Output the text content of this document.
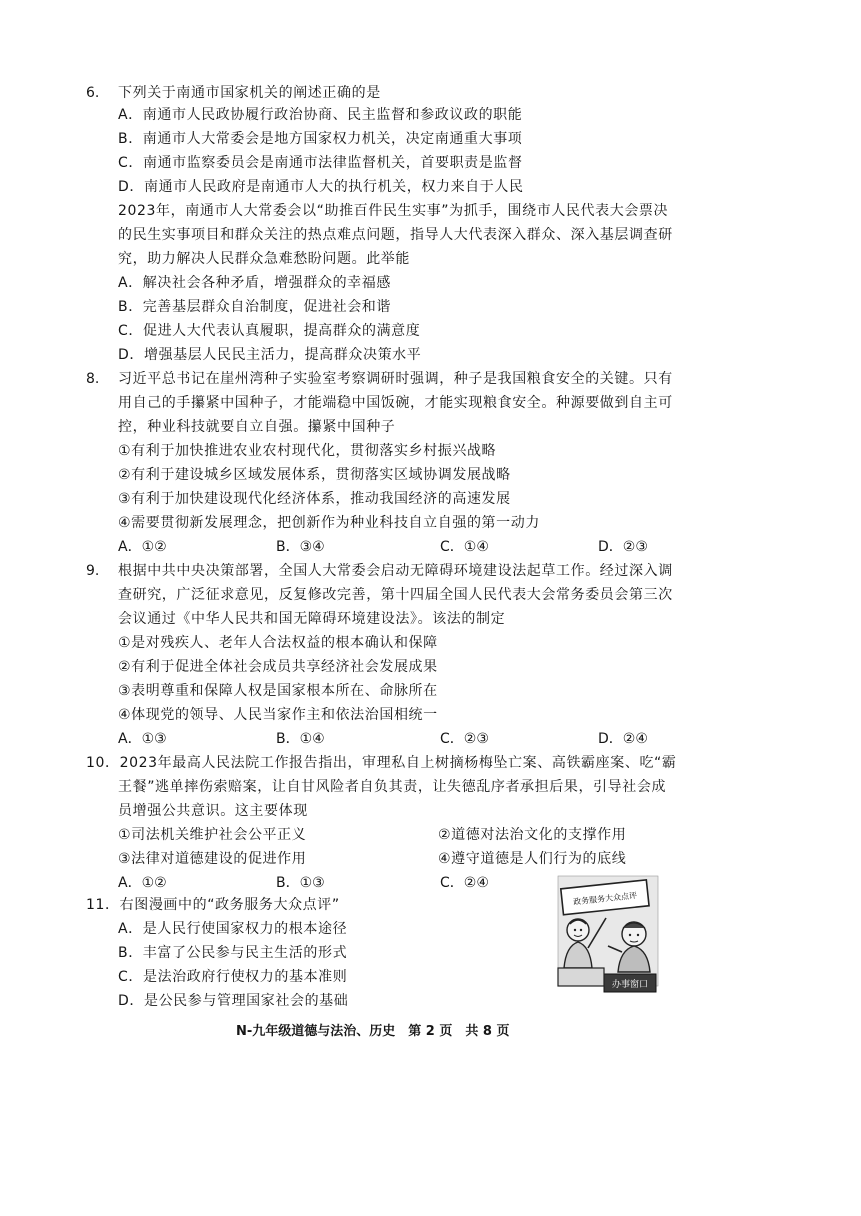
6. 下列关于南通市国家机关的阐述正确的是
A．南通市人民政协履行政治协商、民主监督和参政议政的职能
B．南通市人大常委会是地方国家权力机关，决定南通重大事项
C．南通市监察委员会是南通市法律监督机关，首要职责是监督
D．南通市人民政府是南通市人大的执行机关，权力来自于人民
2023年，南通市人大常委会以“助推百件民生实事”为抓手，围绕市人民代表大会票决
的民生实事项目和群众关注的热点难点问题，指导人大代表深入群众、深入基层调查研
究，助力解决人民群众急难愁盼问题。此举能
A．解决社会各种矛盾，增强群众的幸福感
B．完善基层群众自治制度，促进社会和谐
C．促进人大代表认真履职，提高群众的满意度
D．增强基层人民民主活力，提高群众决策水平
8. 习近平总书记在崖州湾种子实验室考察调研时强调，种子是我国粮食安全的关键。只有
用自己的手攥紧中国种子，才能端稳中国饭碗，才能实现粮食安全。种源要做到自主可
控，种业科技就要自立自强。攥紧中国种子
①有利于加快推进农业农村现代化，贯彻落实乡村振兴战略
②有利于建设城乡区域发展体系，贯彻落实区域协调发展战略
③有利于加快建设现代化经济体系，推动我国经济的高速发展
④需要贯彻新发展理念，把创新作为种业科技自立自强的第一动力
A．①②	B．③④	C．①④	D．②③
9. 根据中共中央决策部署，全国人大常委会启动无障碍环境建设法起草工作。经过深入调
查研究，广泛征求意见，反复修改完善，第十四届全国人民代表大会常务委员会第三次
会议通过《中华人民共和国无障碍环境建设法》。该法的制定
①是对残疾人、老年人合法权益的根本确认和保障
②有利于促进全体社会成员共享经济社会发展成果
③表明尊重和保障人权是国家根本所在、命脉所在
④体现党的领导、人民当家作主和依法治国相统一
A．①③	B．①④	C．②③	D．②④
10．2023年最高人民法院工作报告指出，审理私自上树摘杨梅坠亡案、高铁霸座案、吃“霸
王餐”逃单摔伤索赔案，让自甘风险者自负其责，让失德乱序者承担后果，引导社会成
员增强公共意识。这主要体现
①司法机关维护社会公平正义	②道德对法治文化的支撑作用
③法律对道德建设的促进作用	④遵守道德是人们行为的底线
A．①②	B．①③	C．②④
11．右图漫画中的“政务服务大众点评”
A．是人民行使国家权力的根本途径
B．丰富了公民参与民主生活的形式
C．是法治政府行使权力的基本准则
D．是公民参与管理国家社会的基础
政务服务大众点评
办事窗口
N-九年级道德与法治、历史　第 2 页　共 8 页
